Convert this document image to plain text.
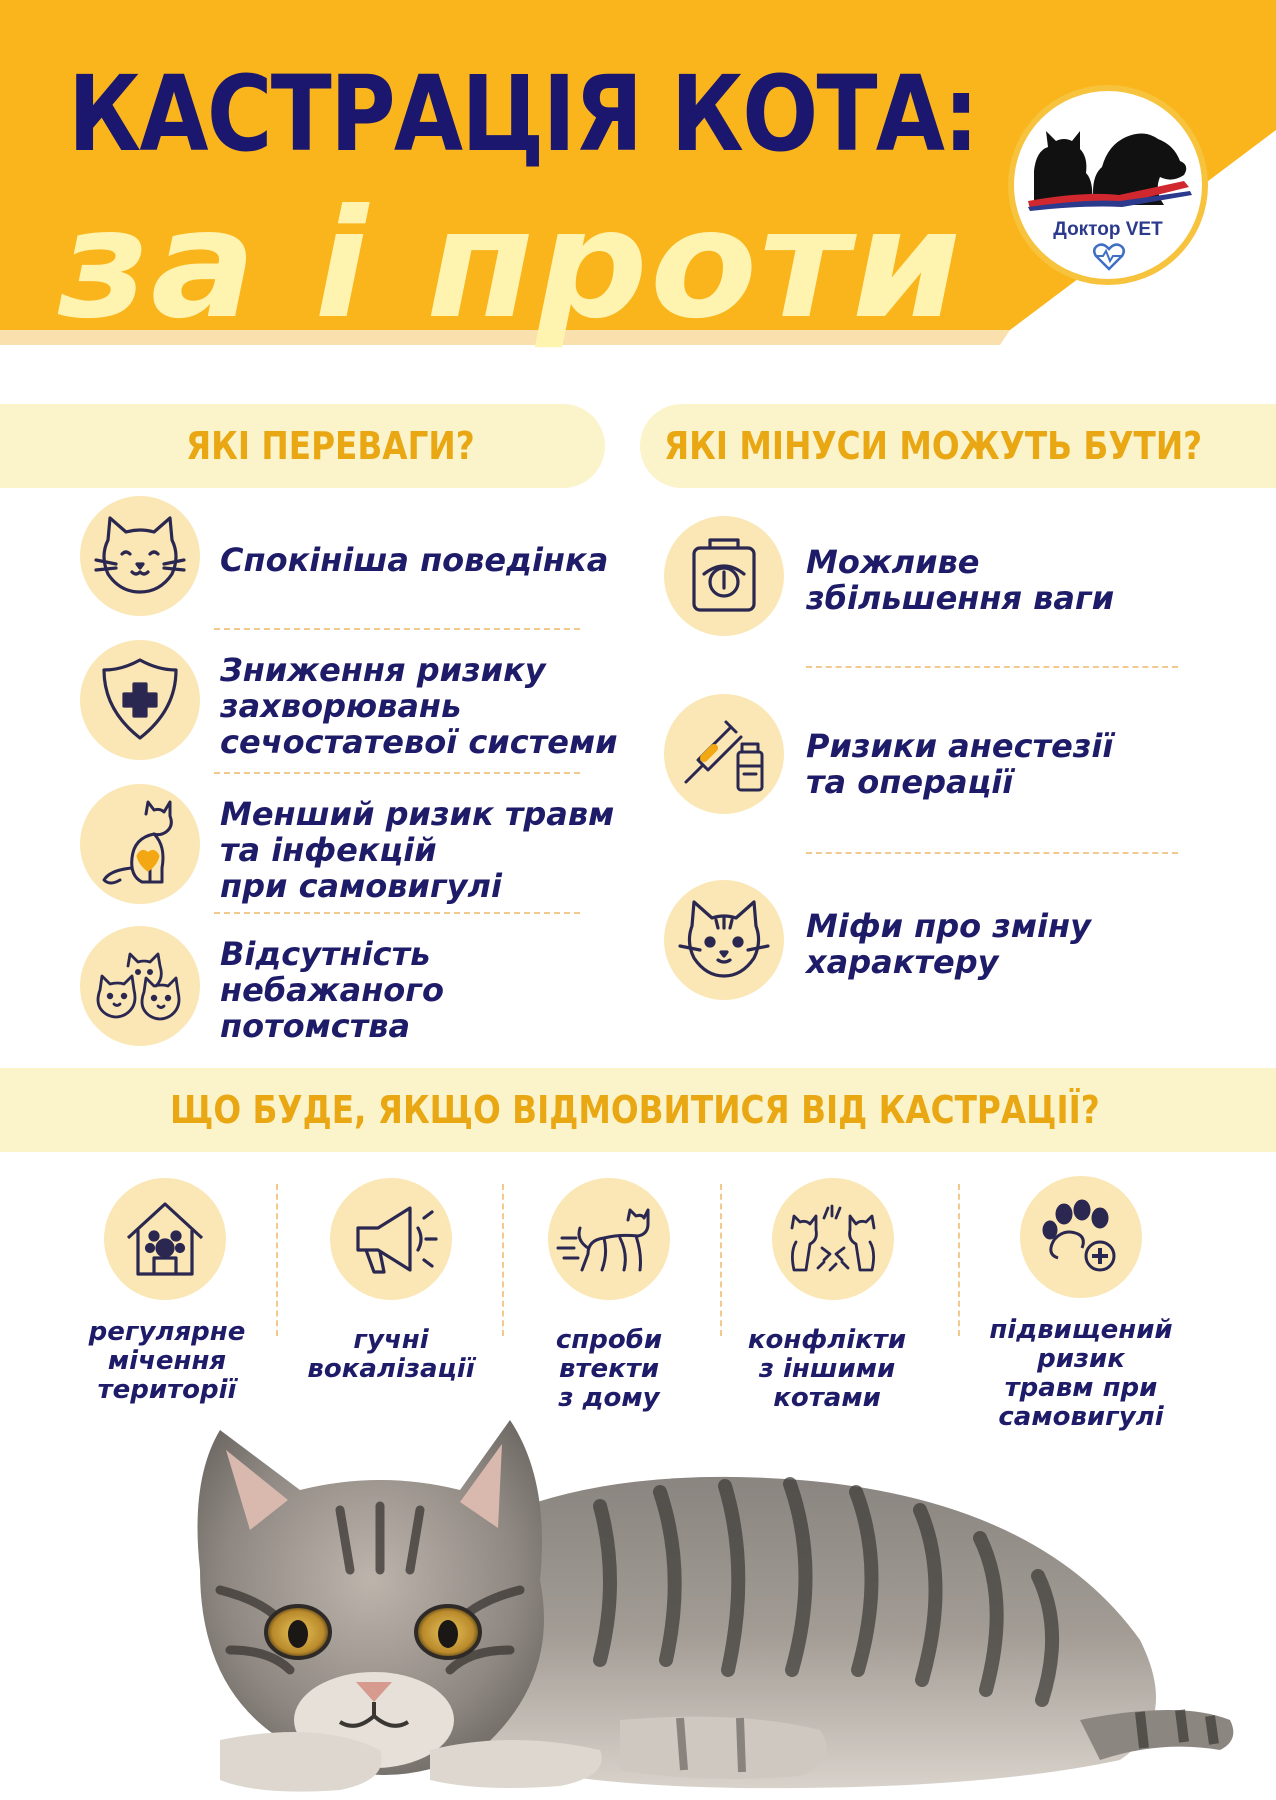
КАСТРАЦІЯ КОТА:
за і проти	Доктор VET
ЯКІ ПЕРЕВАГИ?	ЯКІ МІНУСИ МОЖУТЬ БУТИ?
Спокініша поведінка
Зниження ризику
захворювань
сечостатевої системи
Менший ризик травм
та інфекцій
при самовигулі
Відсутність
небажаного
потомства
Можливе
збільшення ваги
Ризики анестезії
та операції
Міфи про зміну
характеру
ЩО БУДЕ, ЯКЩО ВІДМОВИТИСЯ ВІД КАСТРАЦІЇ?
регулярне
мічення
території
гучні
вокалізації
спроби
втекти
з дому
конфлікти
з іншими
котами
підвищений
ризик
травм при
самовигулі
